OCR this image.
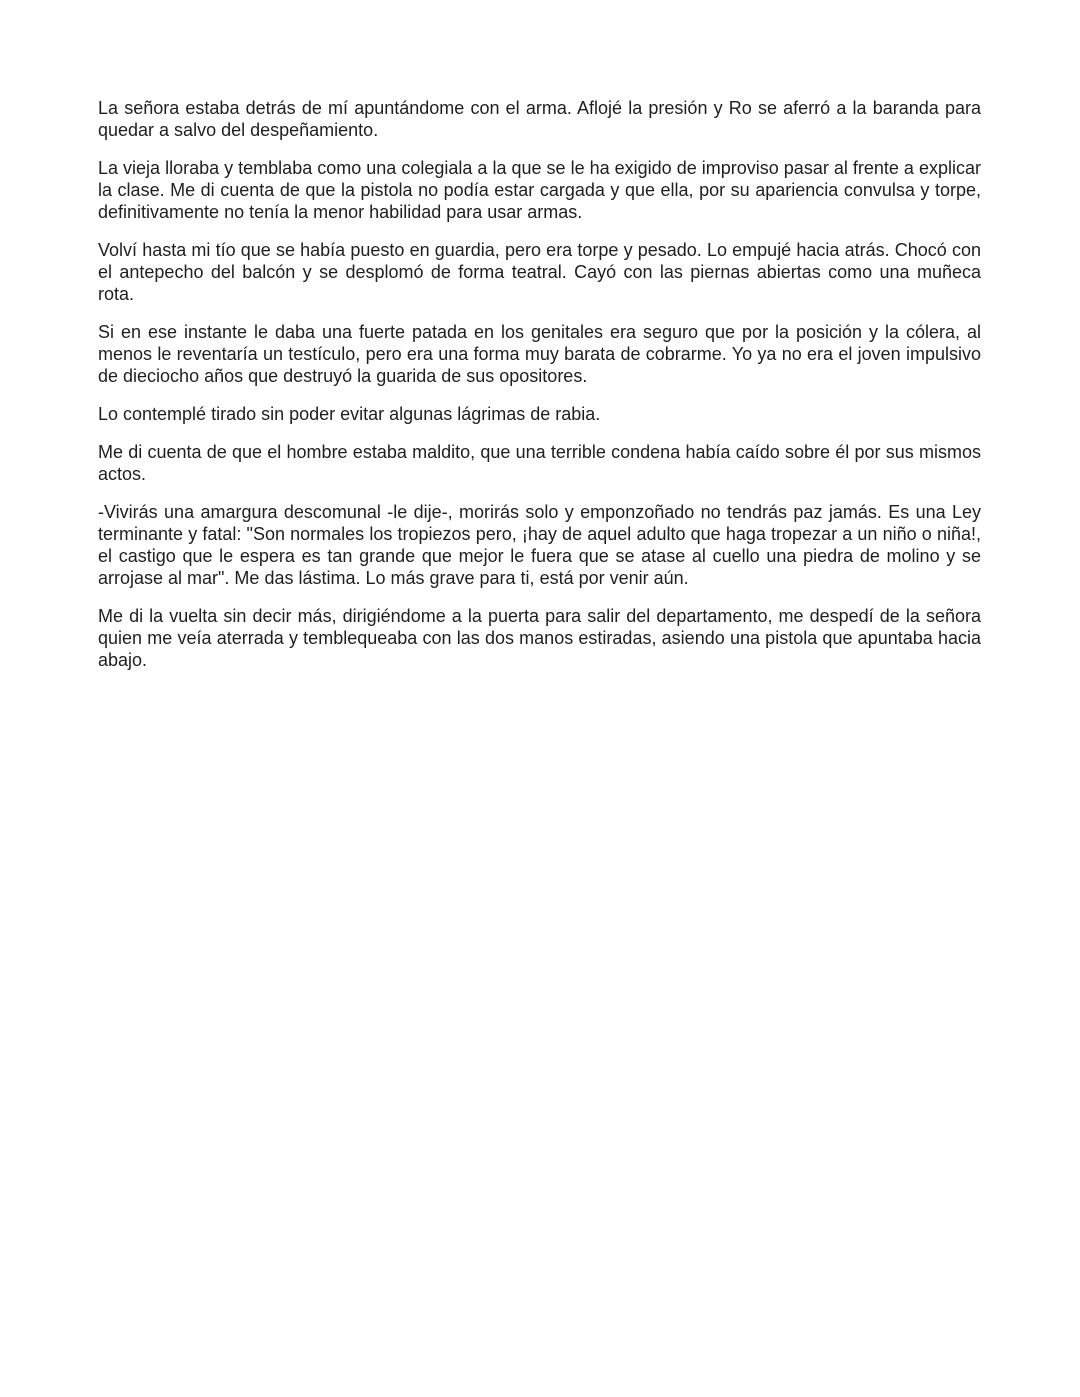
La señora estaba detrás de mí apuntándome con el arma. Aflojé la presión y Ro se aferró a la baranda para quedar a salvo del despeñamiento.

La vieja lloraba y temblaba como una colegiala a la que se le ha exigido de improviso pasar al frente a explicar la clase. Me di cuenta de que la pistola no podía estar cargada y que ella, por su apariencia convulsa y torpe, definitivamente no tenía la menor habilidad para usar armas.

Volví hasta mi tío que se había puesto en guardia, pero era torpe y pesado. Lo empujé hacia atrás. Chocó con el antepecho del balcón y se desplomó de forma teatral. Cayó con las piernas abiertas como una muñeca rota.

Si en ese instante le daba una fuerte patada en los genitales era seguro que por la posición y la cólera, al menos le reventaría un testículo, pero era una forma muy barata de cobrarme. Yo ya no era el joven impulsivo de dieciocho años que destruyó la guarida de sus opositores.

Lo contemplé tirado sin poder evitar algunas lágrimas de rabia.

Me di cuenta de que el hombre estaba maldito, que una terrible condena había caído sobre él por sus mismos actos.

-Vivirás una amargura descomunal -le dije-, morirás solo y emponzoñado no tendrás paz jamás. Es una Ley terminante y fatal: "Son normales los tropiezos pero, ¡hay de aquel adulto que haga tropezar a un niño o niña!, el castigo que le espera es tan grande que mejor le fuera que se atase al cuello una piedra de molino y se arrojase al mar". Me das lástima. Lo más grave para ti, está por venir aún.

Me di la vuelta sin decir más, dirigiéndome a la puerta para salir del departamento, me despedí de la señora quien me veía aterrada y temblequeaba con las dos manos estiradas, asiendo una pistola que apuntaba hacia abajo.
